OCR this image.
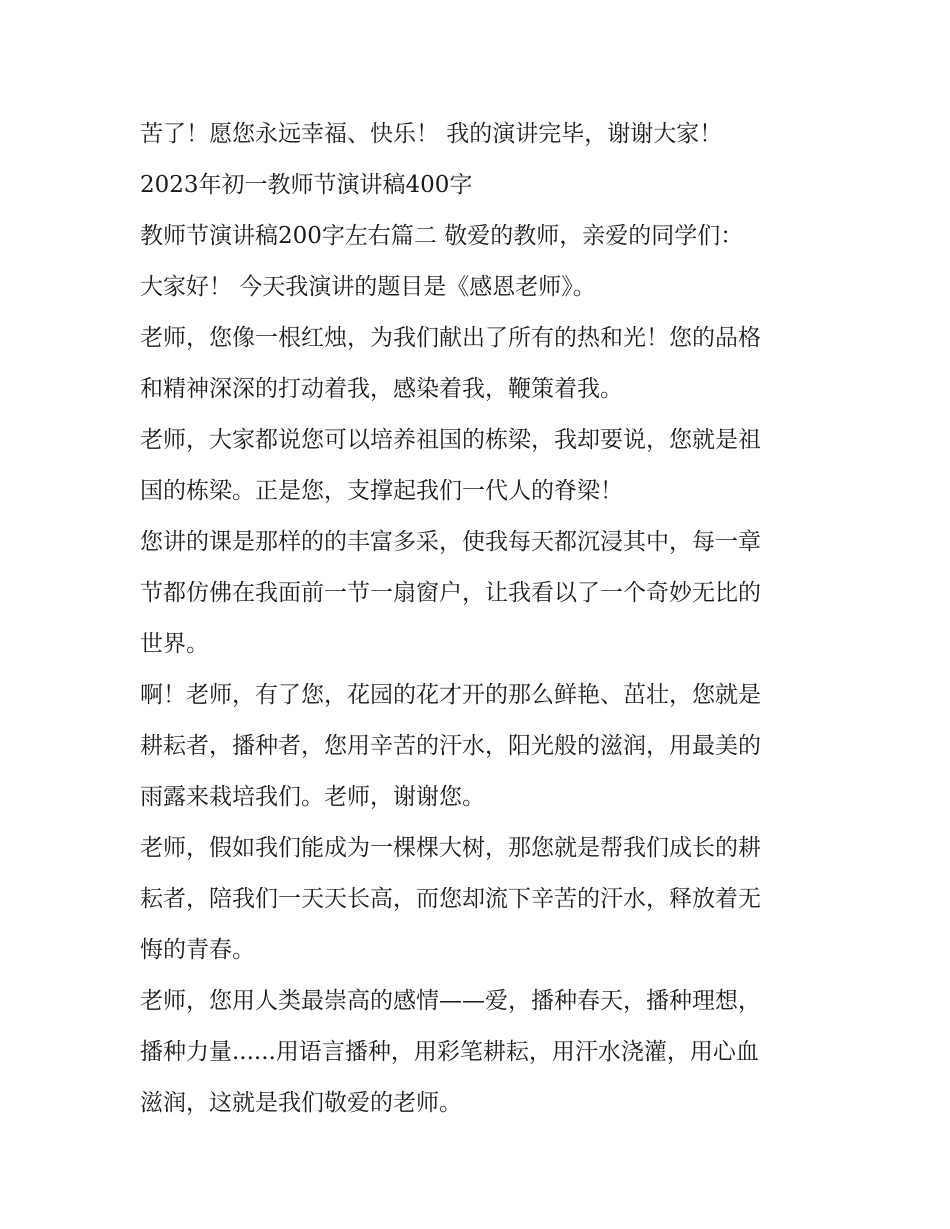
苦了！愿您永远幸福、快乐！ 我的演讲完毕，谢谢大家！

2023年初一教师节演讲稿400字

教师节演讲稿200字左右篇二 敬爱的教师，亲爱的同学们：

大家好！ 今天我演讲的题目是《感恩老师》。

老师，您像一根红烛，为我们献出了所有的热和光！您的品格

和精神深深的打动着我，感染着我，鞭策着我。

老师，大家都说您可以培养祖国的栋梁，我却要说，您就是祖

国的栋梁。正是您，支撑起我们一代人的脊梁！

您讲的课是那样的的丰富多采，使我每天都沉浸其中，每一章

节都仿佛在我面前一节一扇窗户，让我看以了一个奇妙无比的

世界。

啊！老师，有了您，花园的花才开的那么鲜艳、茁壮，您就是

耕耘者，播种者，您用辛苦的汗水，阳光般的滋润，用最美的

雨露来栽培我们。老师，谢谢您。

老师，假如我们能成为一棵棵大树，那您就是帮我们成长的耕

耘者，陪我们一天天长高，而您却流下辛苦的汗水，释放着无

悔的青春。

老师，您用人类最崇高的感情——爱，播种春天，播种理想，

播种力量......用语言播种，用彩笔耕耘，用汗水浇灌，用心血

滋润，这就是我们敬爱的老师。
